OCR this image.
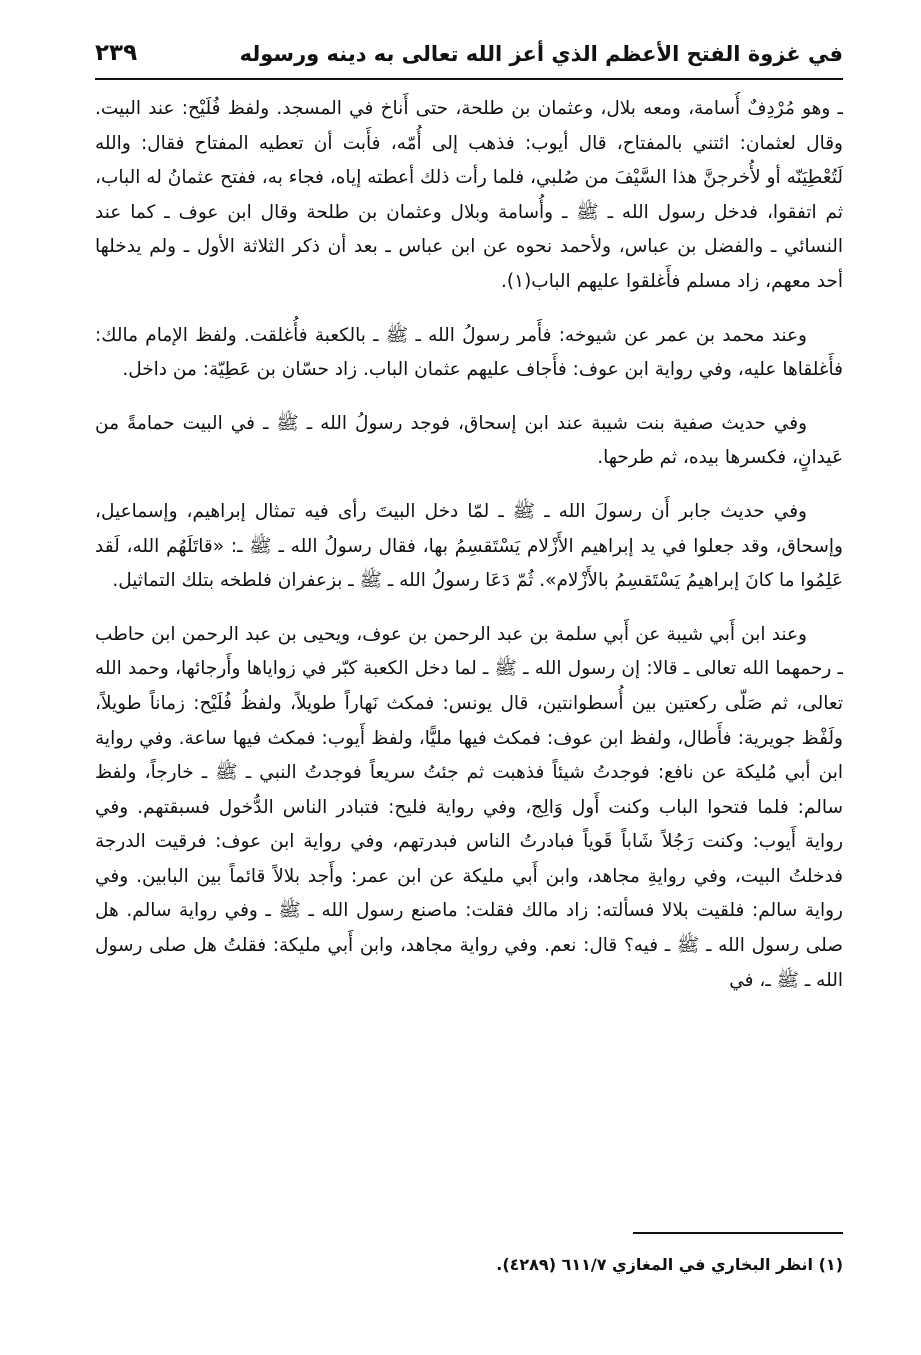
في غزوة الفتح الأعظم الذي أعز الله تعالى به دينه ورسوله
٢٣٩

ـ وهو مُرْدِفٌ أُسامة، ومعه بلال، وعثمان بن طلحة، حتى أَناخ في المسجد. ولفظ فُلَيْح: عند البيت. وقال لعثمان: ائتني بالمفتاح، قال أيوب: فذهب إلى أُمّه، فأَبت أن تعطيه المفتاح فقال: والله لَتُعْطِيَنّه أو لأُخرجنَّ هذا السَّيْفَ من صُلبي، فلما رأت ذلك أعطته إياه، فجاء به، ففتح عثمانُ له الباب، ثم اتفقوا، فدخل رسول الله ـ ﷺ ـ وأُسامة وبلال وعثمان بن طلحة وقال ابن عوف ـ كما عند النسائي ـ والفضل بن عباس، ولأحمد نحوه عن ابن عباس ـ بعد أن ذكر الثلاثة الأول ـ ولم يدخلها أحد معهم، زاد مسلم فأَغلقوا عليهم الباب(١).

وعند محمد بن عمر عن شيوخه: فأَمر رسولُ الله ـ ﷺ ـ بالكعبة فأُغلقت. ولفظ الإمام مالك: فأَغلقاها عليه، وفي رواية ابن عوف: فأَجاف عليهم عثمان الباب. زاد حسّان بن عَطِيّة: من داخل.

وفي حديث صفية بنت شيبة عند ابن إسحاق، فوجد رسولُ الله ـ ﷺ ـ في البيت حمامةً من عَيدانٍ، فكسرها بيده، ثم طرحها.

وفي حديث جابر أَن رسولَ الله ـ ﷺ ـ لمّا دخل البيتَ رأى فيه تمثال إبراهيم، وإسماعيل، وإسحاق، وقد جعلوا في يد إبراهيم الأَزْلام يَسْتَقسِمُ بها، فقال رسولُ الله ـ ﷺ ـ: «قاتَلَهُم الله، لَقد عَلِمُوا ما كانَ إبراهيمُ يَسْتَقسِمُ بالأَزْلام». ثُمّ دَعَا رسولُ الله ـ ﷺ ـ بزعفران فلطخه بتلك التماثيل.

وعند ابن أَبي شيبة عن أَبي سلمة بن عبد الرحمن بن عوف، ويحيى بن عبد الرحمن ابن حاطب ـ رحمهما الله تعالى ـ قالا: إن رسول الله ـ ﷺ ـ لما دخل الكعبة كبّر في زواياها وأَرجائها، وحمد الله تعالى، ثم صَلّى ركعتين بين أُسطوانتين، قال يونس: فمكث نَهاراً طويلاً، ولفظُ فُلَيْح: زماناً طويلاً، ولَفْظ جويرية: فأَطال، ولفظ ابن عوف: فمكث فيها مليًّا، ولفظ أَيوب: فمكث فيها ساعة. وفي رواية ابن أبي مُليكة عن نافع: فوجدتُ شيئاً فذهبت ثم جئتُ سريعاً فوجدتُ النبي ـ ﷺ ـ خارجاً، ولفظ سالم: فلما فتحوا الباب وكنت أَول وَالِج، وفي رواية فليح: فتبادر الناس الدُّخول فسبقتهم. وفي رواية أَيوب: وكنت رَجُلاً شَاباً قَوياً فبادرتُ الناس فبدرتهم، وفي رواية ابن عوف: فرقيت الدرجة فدخلتُ البيت، وفي روايةِ مجاهد، وابن أَبي مليكة عن ابن عمر: وأَجد بلالاً قائماً بين البابين. وفي رواية سالم: فلقيت بلالا فسألته: زاد مالك فقلت: ماصنع رسول الله ـ ﷺ ـ وفي رواية سالم. هل صلى رسول الله ـ ﷺ ـ فيه؟ قال: نعم. وفي رواية مجاهد، وابن أَبي مليكة: فقلتُ هل صلى رسول الله ـ ﷺ ـ، في

(١) انظر البخاري في المغازي ٦١١/٧ (٤٢٨٩).
